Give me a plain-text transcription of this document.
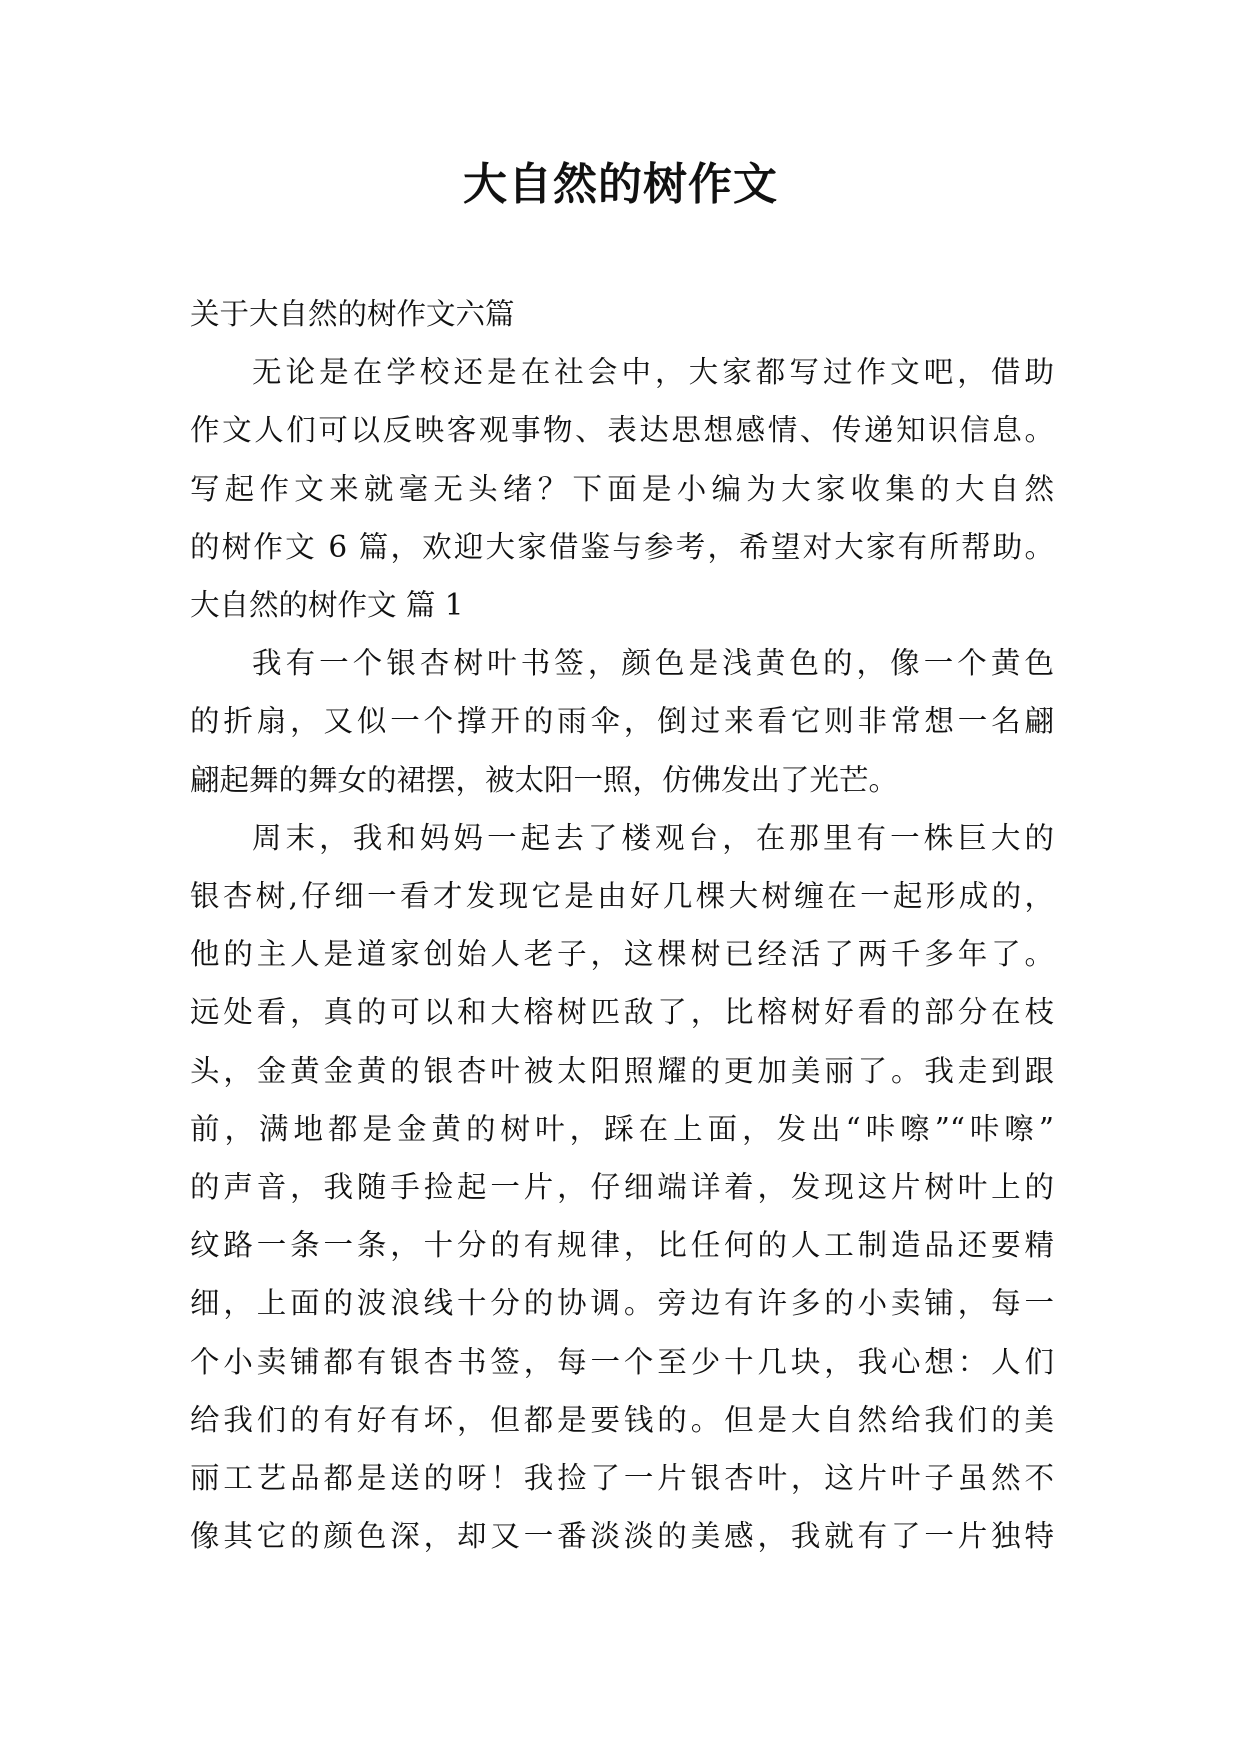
大自然的树作文
关于大自然的树作文六篇
无论是在学校还是在社会中，大家都写过作文吧，借助
作文人们可以反映客观事物、表达思想感情、传递知识信息。
写起作文来就毫无头绪？下面是小编为大家收集的大自然
的树作文 6 篇，欢迎大家借鉴与参考，希望对大家有所帮助。
大自然的树作文 篇 1
我有一个银杏树叶书签，颜色是浅黄色的，像一个黄色
的折扇，又似一个撑开的雨伞，倒过来看它则非常想一名翩
翩起舞的舞女的裙摆，被太阳一照，仿佛发出了光芒。
周末，我和妈妈一起去了楼观台，在那里有一株巨大的
银杏树,仔细一看才发现它是由好几棵大树缠在一起形成的，
他的主人是道家创始人老子，这棵树已经活了两千多年了。
远处看，真的可以和大榕树匹敌了，比榕树好看的部分在枝
头，金黄金黄的银杏叶被太阳照耀的更加美丽了。我走到跟
前，满地都是金黄的树叶，踩在上面，发出“咔嚓”“咔嚓”
的声音，我随手捡起一片，仔细端详着，发现这片树叶上的
纹路一条一条，十分的有规律，比任何的人工制造品还要精
细，上面的波浪线十分的协调。旁边有许多的小卖铺，每一
个小卖铺都有银杏书签，每一个至少十几块，我心想：人们
给我们的有好有坏，但都是要钱的。但是大自然给我们的美
丽工艺品都是送的呀！我捡了一片银杏叶，这片叶子虽然不
像其它的颜色深，却又一番淡淡的美感，我就有了一片独特
